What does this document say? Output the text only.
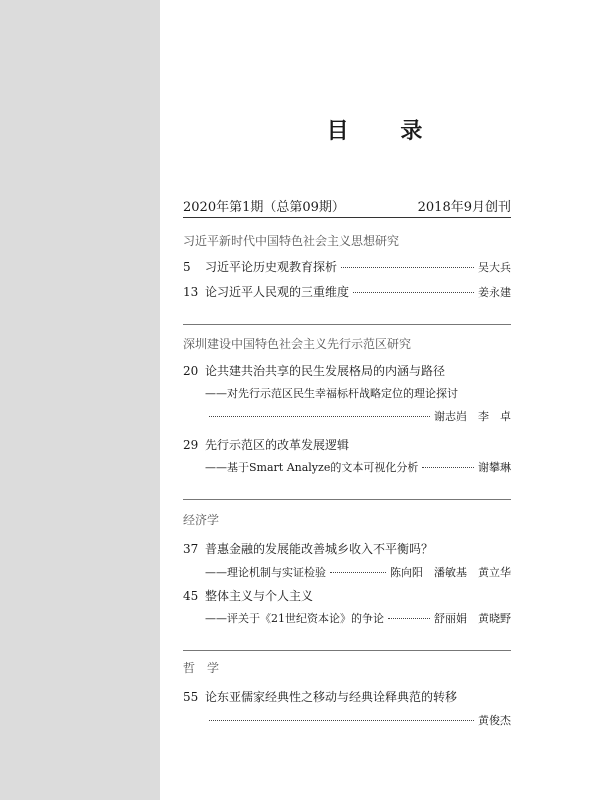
目 录
2020年第1期（总第09期）	2018年9月创刊
习近平新时代中国特色社会主义思想研究
5	习近平论历史观教育探析	吴大兵
13 论习近平人民观的三重维度	姜永建
深圳建设中国特色社会主义先行示范区研究
20 论共建共治共享的民生发展格局的内涵与路径
——对先行示范区民生幸福标杆战略定位的理论探讨
谢志岿　李　卓
29 先行示范区的改革发展逻辑
——基于Smart Analyze的文本可视化分析	谢攀琳
经济学
37 普惠金融的发展能改善城乡收入不平衡吗？
——理论机制与实证检验	陈向阳　潘敏基　黄立华
45 整体主义与个人主义
——评关于《21世纪资本论》的争论	舒丽娟　黄晓野
哲　学
55 论东亚儒家经典性之移动与经典诠释典范的转移
黄俊杰
